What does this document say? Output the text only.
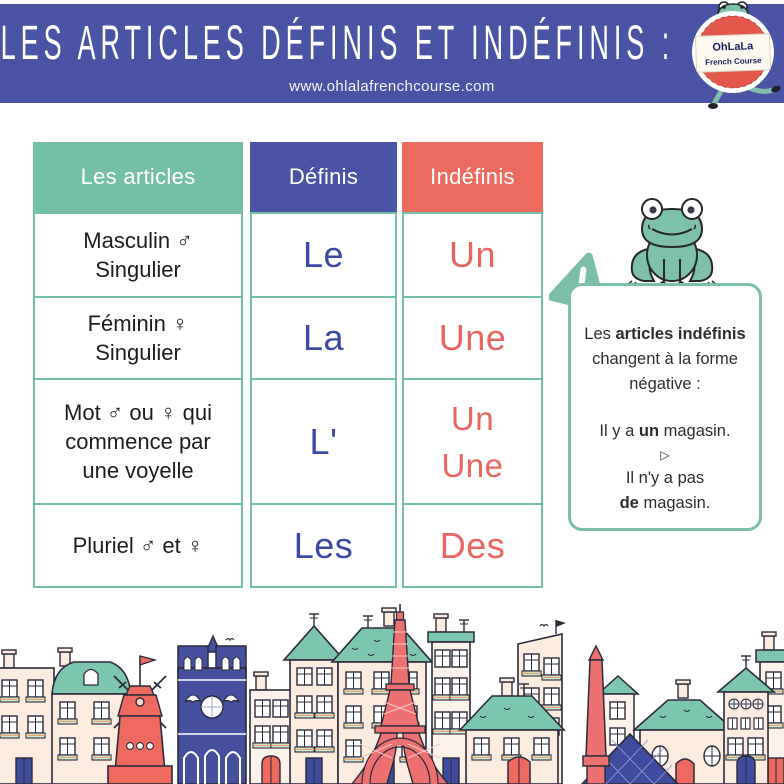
LES ARTICLES DÉFINIS ET INDÉFINIS :
www.ohlalafrenchcourse.com
OhLaLa
French Course
Les articles
Masculin ♂
Singulier
Féminin ♀
Singulier
Mot ♂ ou ♀ qui
commence par
une voyelle
Pluriel ♂ et ♀
Définis
Le
La
L'
Les
Indéfinis
Un
Une
Un
Une
Des
Les articles indéfinis
changent à la forme
négative :
Il y a un magasin.
▷
Il n'y a pas
de magasin.
